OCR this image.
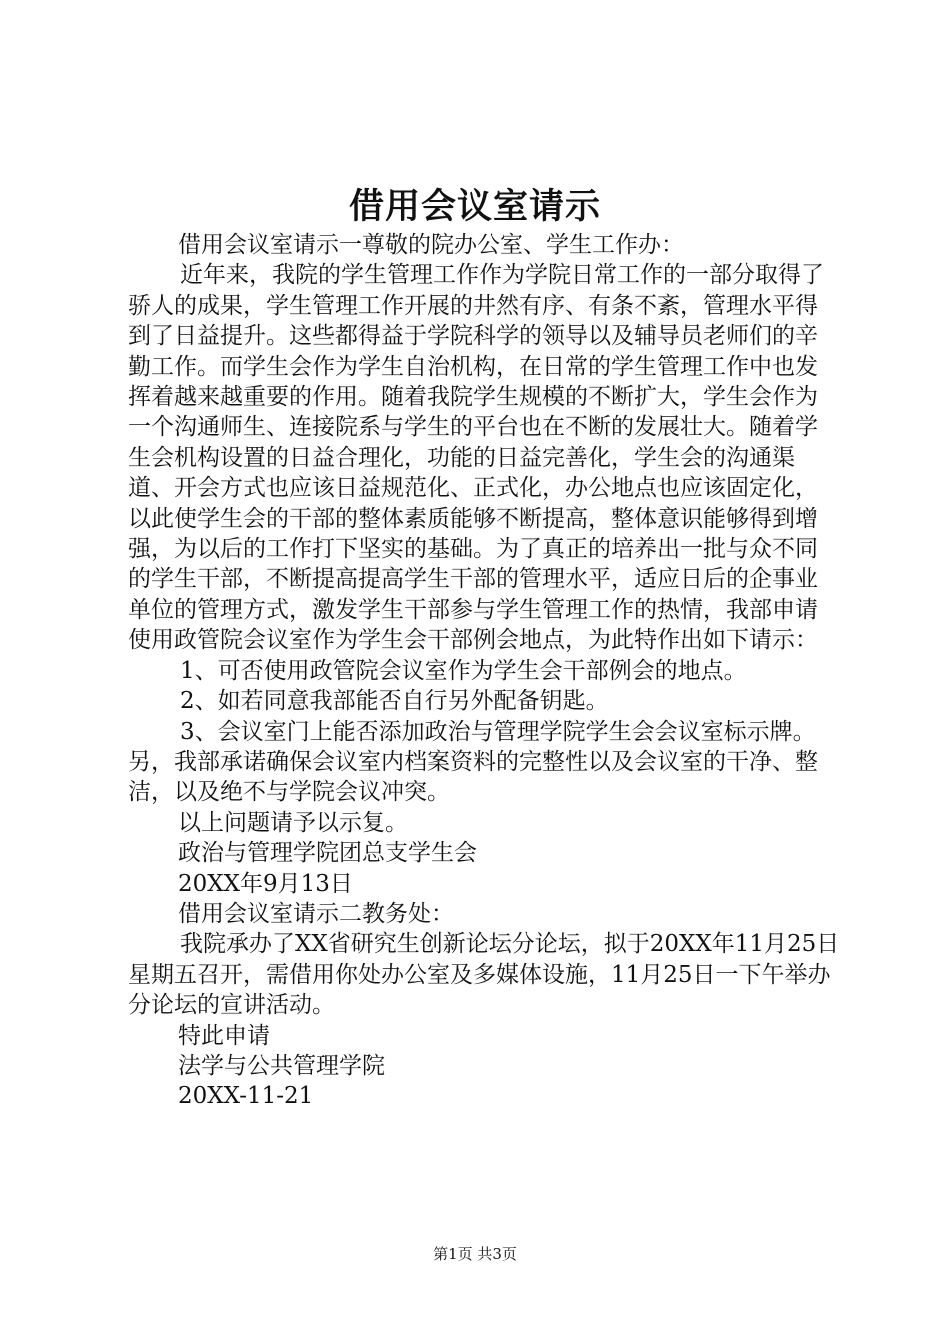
借用会议室请示

借用会议室请示一尊敬的院办公室、学生工作办：

近年来，我院的学生管理工作作为学院日常工作的一部分取得了骄人的成果，学生管理工作开展的井然有序、有条不紊，管理水平得到了日益提升。这些都得益于学院科学的领导以及辅导员老师们的辛勤工作。而学生会作为学生自治机构，在日常的学生管理工作中也发挥着越来越重要的作用。随着我院学生规模的不断扩大，学生会作为一个沟通师生、连接院系与学生的平台也在不断的发展壮大。随着学生会机构设置的日益合理化，功能的日益完善化，学生会的沟通渠道、开会方式也应该日益规范化、正式化，办公地点也应该固定化，以此使学生会的干部的整体素质能够不断提高，整体意识能够得到增强，为以后的工作打下坚实的基础。为了真正的培养出一批与众不同的学生干部，不断提高提高学生干部的管理水平，适应日后的企事业单位的管理方式，激发学生干部参与学生管理工作的热情，我部申请使用政管院会议室作为学生会干部例会地点，为此特作出如下请示：

1、可否使用政管院会议室作为学生会干部例会的地点。

2、如若同意我部能否自行另外配备钥匙。

3、会议室门上能否添加政治与管理学院学生会会议室标示牌。另，我部承诺确保会议室内档案资料的完整性以及会议室的干净、整洁，以及绝不与学院会议冲突。

以上问题请予以示复。

政治与管理学院团总支学生会

20XX年9月13日

借用会议室请示二教务处：

我院承办了XX省研究生创新论坛分论坛，拟于20XX年11月25日星期五召开，需借用你处办公室及多媒体设施，11月25日一下午举办分论坛的宣讲活动。

特此申请

法学与公共管理学院

20XX-11-21

第1页 共3页
